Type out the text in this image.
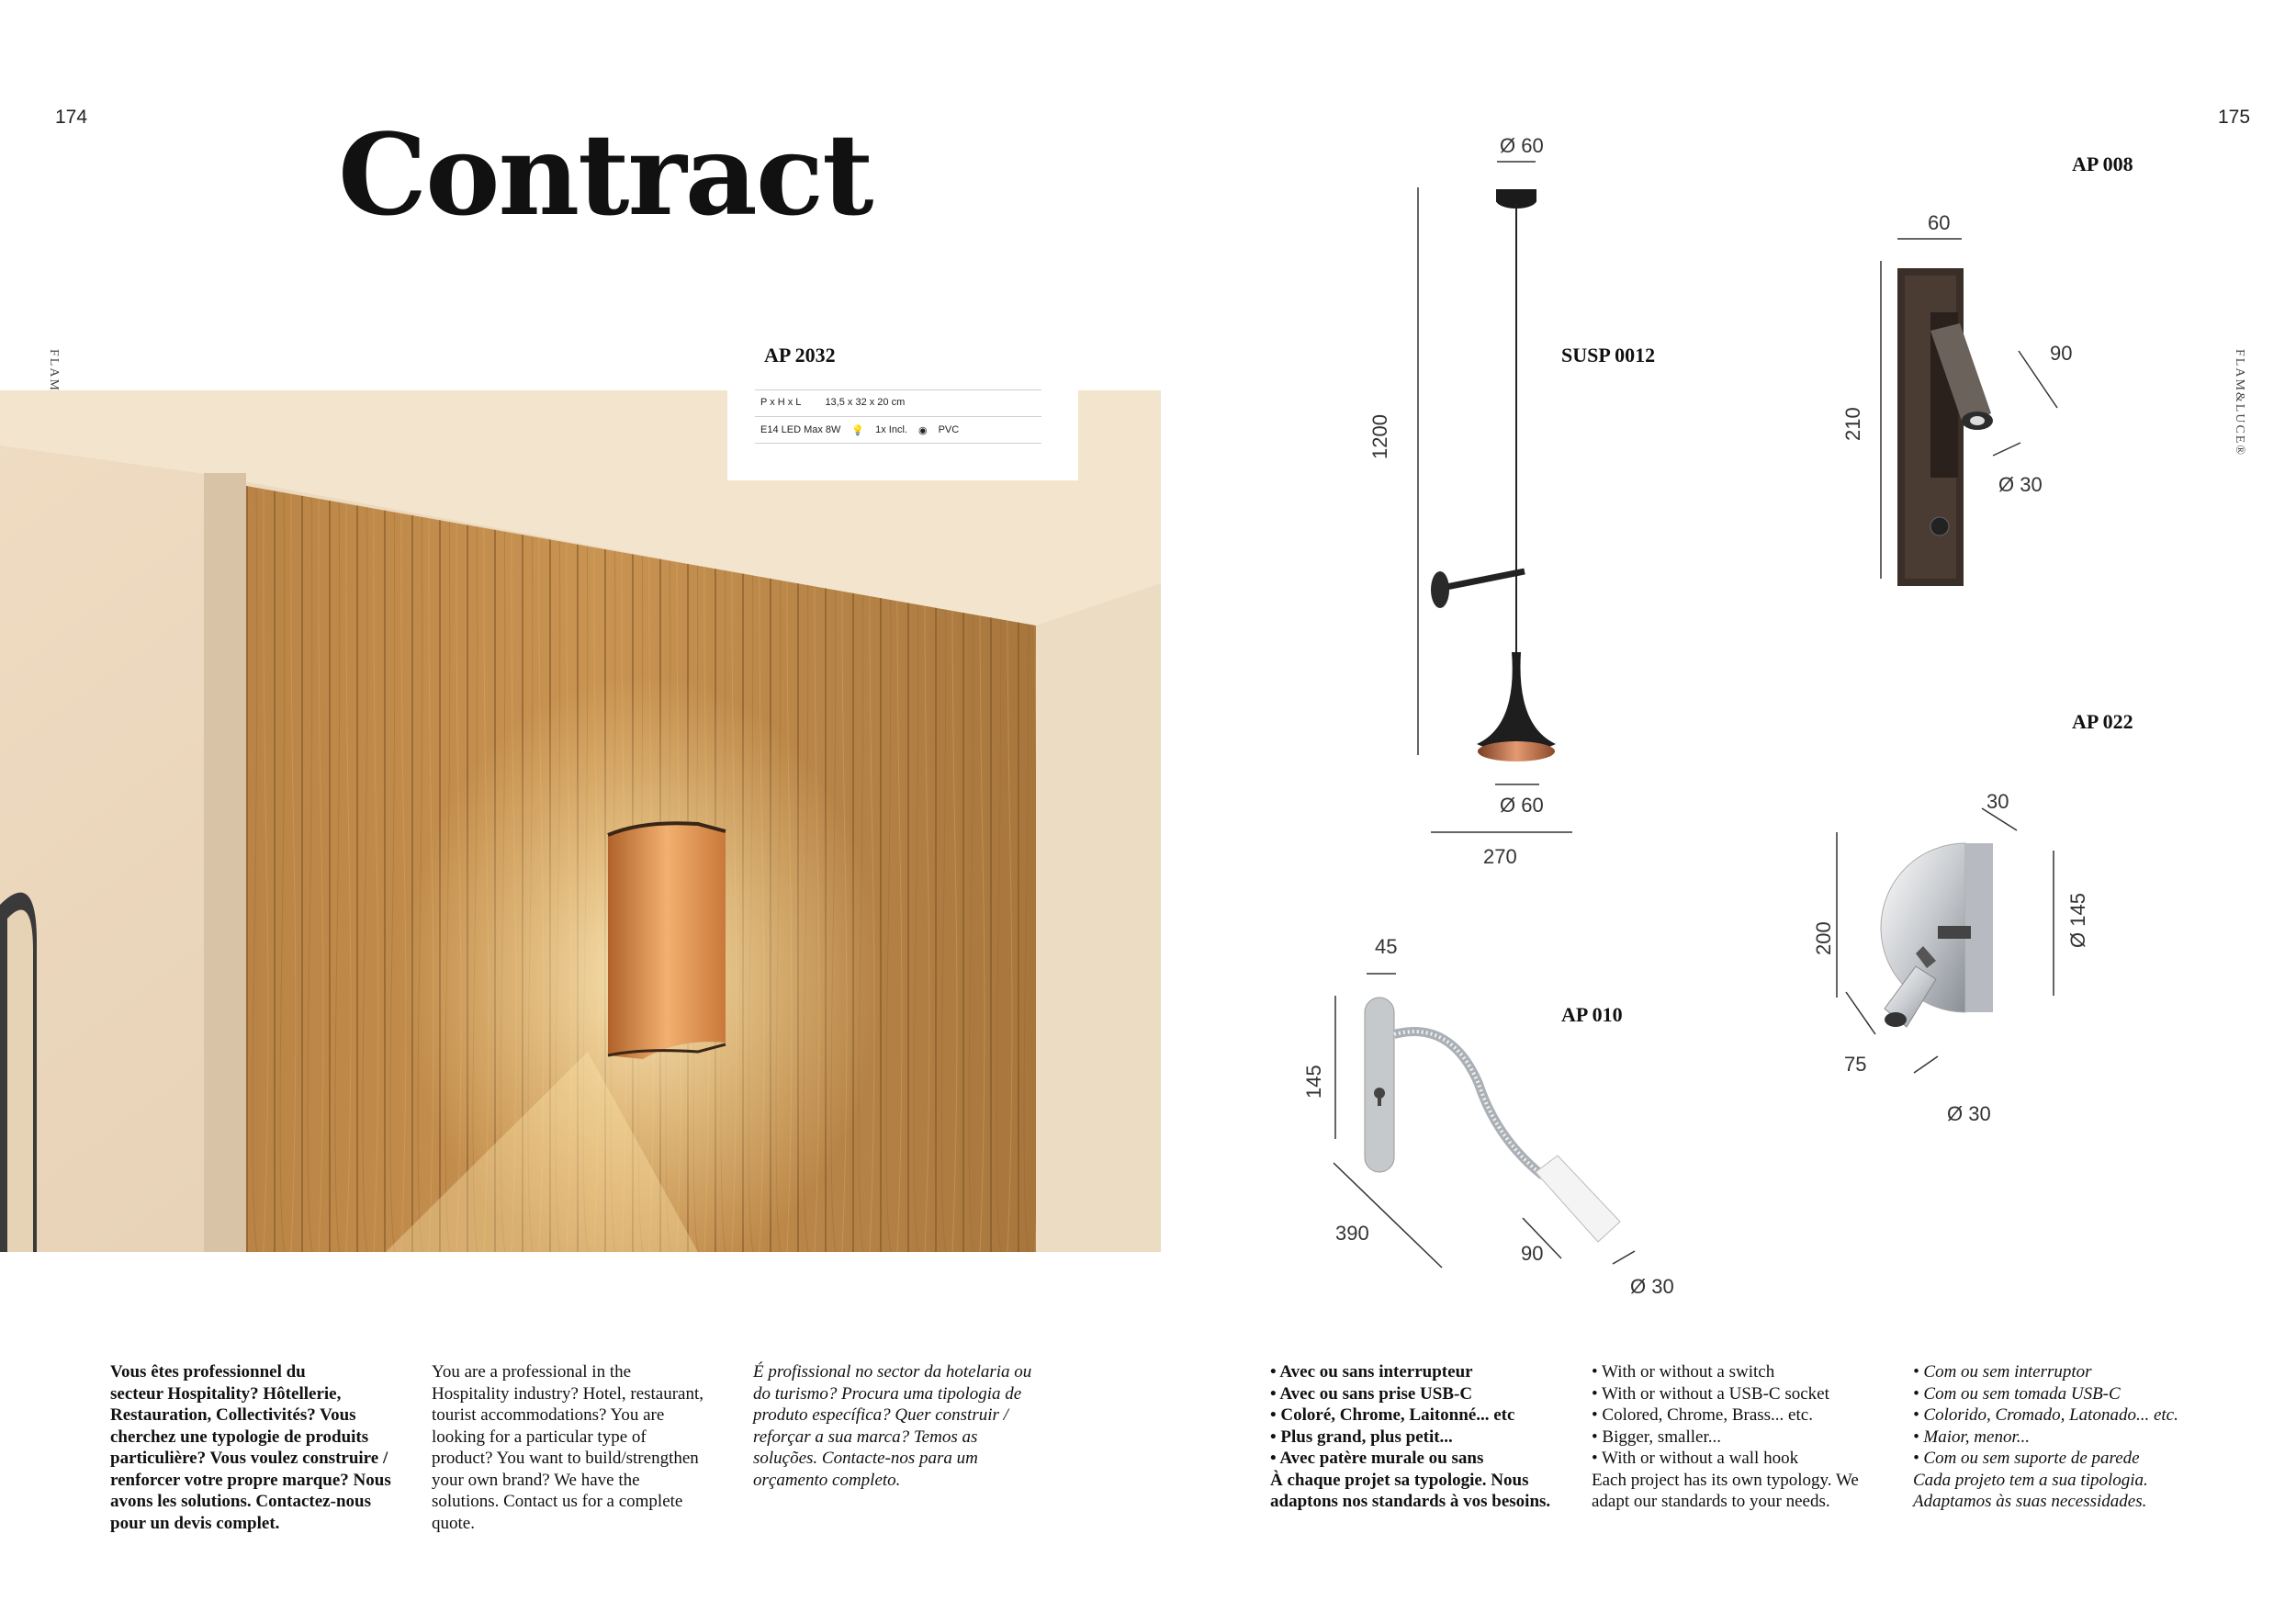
174	175
Contract
FLAM&LUCE®
AP 2032
P x H x L 13,5 x 32 x 20 cm
E14 LED Max 8W 💡 1x Incl. ◉ PVC
Ø 60
SUSP 0012
1200
Ø 60
270
AP 008
60
90
210
Ø 30
AP 022
30
200	Ø 145
75
Ø 30
AP 010
45
145
390
90
Ø 30
Vous êtes professionnel du
secteur Hospitality? Hôtellerie,
Restauration, Collectivités? Vous
cherchez une typologie de produits
particulière? Vous voulez construire /
renforcer votre propre marque? Nous
avons les solutions. Contactez-nous
pour un devis complet.
You are a professional in the
Hospitality industry? Hotel, restaurant,
tourist accommodations? You are
looking for a particular type of
product? You want to build/strengthen
your own brand? We have the
solutions. Contact us for a complete
quote.
É profissional no sector da hotelaria ou
do turismo? Procura uma tipologia de
produto específica? Quer construir /
reforçar a sua marca? Temos as
soluções. Contacte-nos para um
orçamento completo.
• Avec ou sans interrupteur
• Avec ou sans prise USB-C
• Coloré, Chrome, Laitonné... etc
• Plus grand, plus petit...
• Avec patère murale ou sans
À chaque projet sa typologie. Nous
adaptons nos standards à vos besoins.
• With or without a switch
• With or without a USB-C socket
• Colored, Chrome, Brass... etc.
• Bigger, smaller...
• With or without a wall hook
Each project has its own typology. We
adapt our standards to your needs.
• Com ou sem interruptor
• Com ou sem tomada USB-C
• Colorido, Cromado, Latonado... etc.
• Maior, menor...
• Com ou sem suporte de parede
Cada projeto tem a sua tipologia.
Adaptamos às suas necessidades.
